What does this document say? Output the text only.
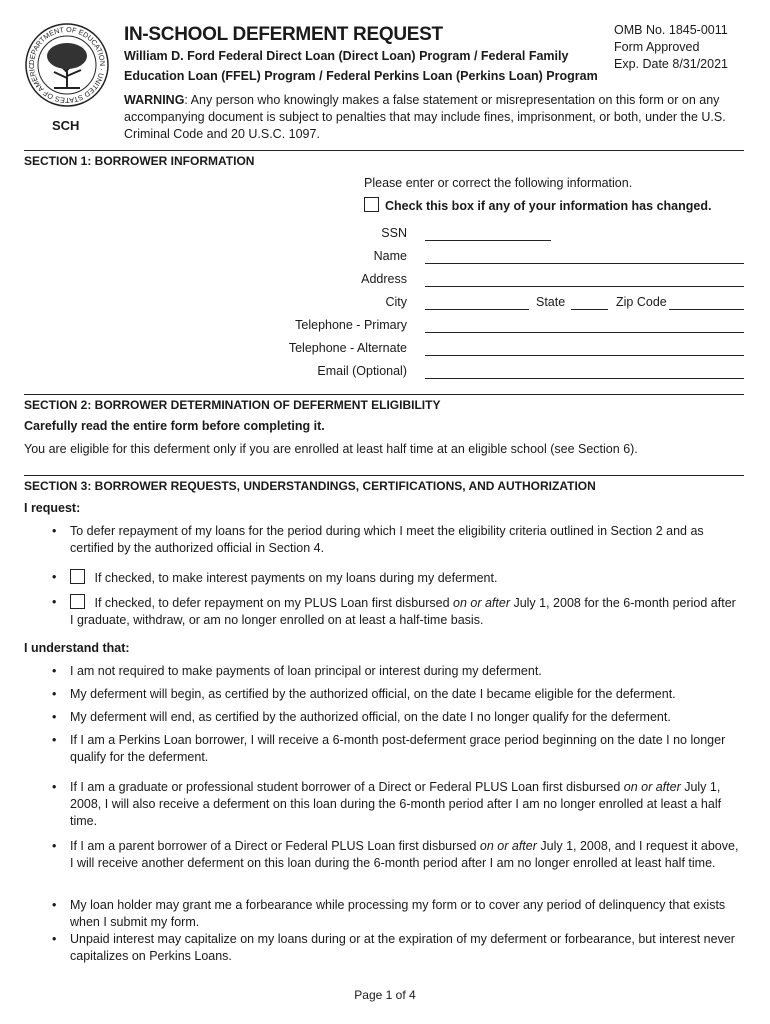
DEPARTMENT OF EDUCATION · UNITED STATES OF AMERIC
SCH
IN-SCHOOL DEFERMENT REQUEST
William D. Ford Federal Direct Loan (Direct Loan) Program / Federal Family
Education Loan (FFEL) Program / Federal Perkins Loan (Perkins Loan) Program
OMB No. 1845-0011
Form Approved
Exp. Date 8/31/2021
WARNING: Any person who knowingly makes a false statement or misrepresentation on this form or on any accompanying document is subject to penalties that may include fines, imprisonment, or both, under the U.S. Criminal Code and 20 U.S.C. 1097.
SECTION 1: BORROWER INFORMATION
Please enter or correct the following information.
Check this box if any of your information has changed.
SSN
Name
Address
City	State	Zip Code
Telephone - Primary
Telephone - Alternate
Email (Optional)
SECTION 2: BORROWER DETERMINATION OF DEFERMENT ELIGIBILITY
Carefully read the entire form before completing it.
You are eligible for this deferment only if you are enrolled at least half time at an eligible school (see Section 6).
SECTION 3: BORROWER REQUESTS, UNDERSTANDINGS, CERTIFICATIONS, AND AUTHORIZATION
I request:
• To defer repayment of my loans for the period during which I meet the eligibility criteria outlined in Section 2 and as certified by the authorized official in Section 4.
• If checked, to make interest payments on my loans during my deferment.
• If checked, to defer repayment on my PLUS Loan first disbursed on or after July 1, 2008 for the 6-month period after I graduate, withdraw, or am no longer enrolled on at least a half-time basis.
I understand that:
• I am not required to make payments of loan principal or interest during my deferment.
• My deferment will begin, as certified by the authorized official, on the date I became eligible for the deferment.
• My deferment will end, as certified by the authorized official, on the date I no longer qualify for the deferment.
• If I am a Perkins Loan borrower, I will receive a 6-month post-deferment grace period beginning on the date I no longer qualify for the deferment.
• If I am a graduate or professional student borrower of a Direct or Federal PLUS Loan first disbursed on or after July 1, 2008, I will also receive a deferment on this loan during the 6-month period after I am no longer enrolled at least a half time.
• If I am a parent borrower of a Direct or Federal PLUS Loan first disbursed on or after July 1, 2008, and I request it above, I will receive another deferment on this loan during the 6-month period after I am no longer enrolled at least half time.
• My loan holder may grant me a forbearance while processing my form or to cover any period of delinquency that exists when I submit my form.
• Unpaid interest may capitalize on my loans during or at the expiration of my deferment or forbearance, but interest never capitalizes on Perkins Loans.
Page 1 of 4
